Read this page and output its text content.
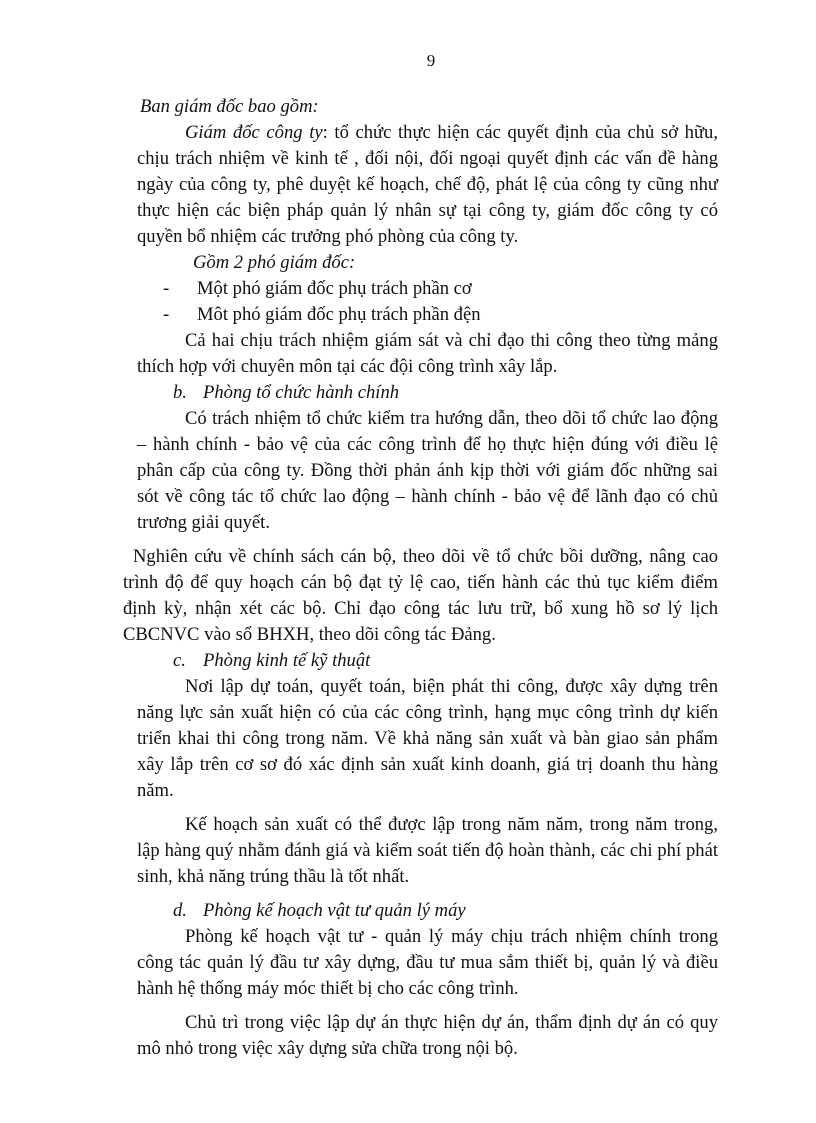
9

Ban giám đốc bao gồm:

Giám đốc công ty: tổ chức thực hiện các quyết định của chủ sở hữu, chịu trách nhiệm về kinh tế , đối nội, đối ngoại quyết định các vấn đề hàng ngày của công ty, phê duyệt kế hoạch, chế độ, phát lệ của công ty cũng như thực hiện các biện pháp quản lý nhân sự tại công ty, giám đốc công ty có quyền bổ nhiệm các trưởng phó phòng của công ty.

Gồm 2 phó giám đốc:

-	Một phó giám đốc phụ trách phần cơ
-	Môt phó giám đốc phụ trách phần đện

Cả hai chịu trách nhiệm giám sát và chỉ đạo thi công theo từng mảng thích hợp với chuyên môn tại các đội công trình xây lắp.

b. Phòng tổ chức hành chính

Có trách nhiệm tổ chức kiểm tra hướng dẫn, theo dõi tổ chức lao động – hành chính - bảo vệ của các công trình để họ thực hiện đúng với điều lệ phân cấp của công ty. Đồng thời phản ánh kịp thời với giám đốc những sai sót về công tác tổ chức lao động – hành chính - bảo vệ để lãnh đạo có chủ trương giải quyết.

Nghiên cứu về chính sách cán bộ, theo dõi về tổ chức bồi dưỡng, nâng cao trình độ để quy hoạch cán bộ đạt tỷ lệ cao, tiến hành các thủ tục kiểm điểm định kỳ, nhận xét các bộ. Chỉ đạo công tác lưu trữ, bổ xung hồ sơ lý lịch CBCNVC vào sổ BHXH, theo dõi công tác Đảng.

c. Phòng kinh tế kỹ thuật

Nơi lập dự toán, quyết toán, biện phát thi công, được xây dựng trên năng lực sản xuất hiện có của các công trình, hạng mục công trình dự kiến triển khai thi công trong năm. Về khả năng sản xuất và bàn giao sản phẩm xây lắp trên cơ sơ đó xác định sản xuất kinh doanh, giá trị doanh thu hàng năm.

Kế hoạch sản xuất có thể được lập trong năm năm, trong năm trong, lập hàng quý nhằm đánh giá và kiểm soát tiến độ hoàn thành, các chi phí phát sinh, khả năng trúng thầu là tốt nhất.

d. Phòng kế hoạch vật tư quản lý máy

Phòng kế hoạch vật tư - quản lý máy chịu trách nhiệm chính trong công tác quản lý đầu tư xây dựng, đầu tư mua sắm thiết bị, quản lý và điều hành hệ thống máy móc thiết bị cho các công trình.

Chủ trì trong việc lập dự án thực hiện dự án, thẩm định dự án có quy mô nhỏ trong việc xây dựng sửa chữa trong nội bộ.
